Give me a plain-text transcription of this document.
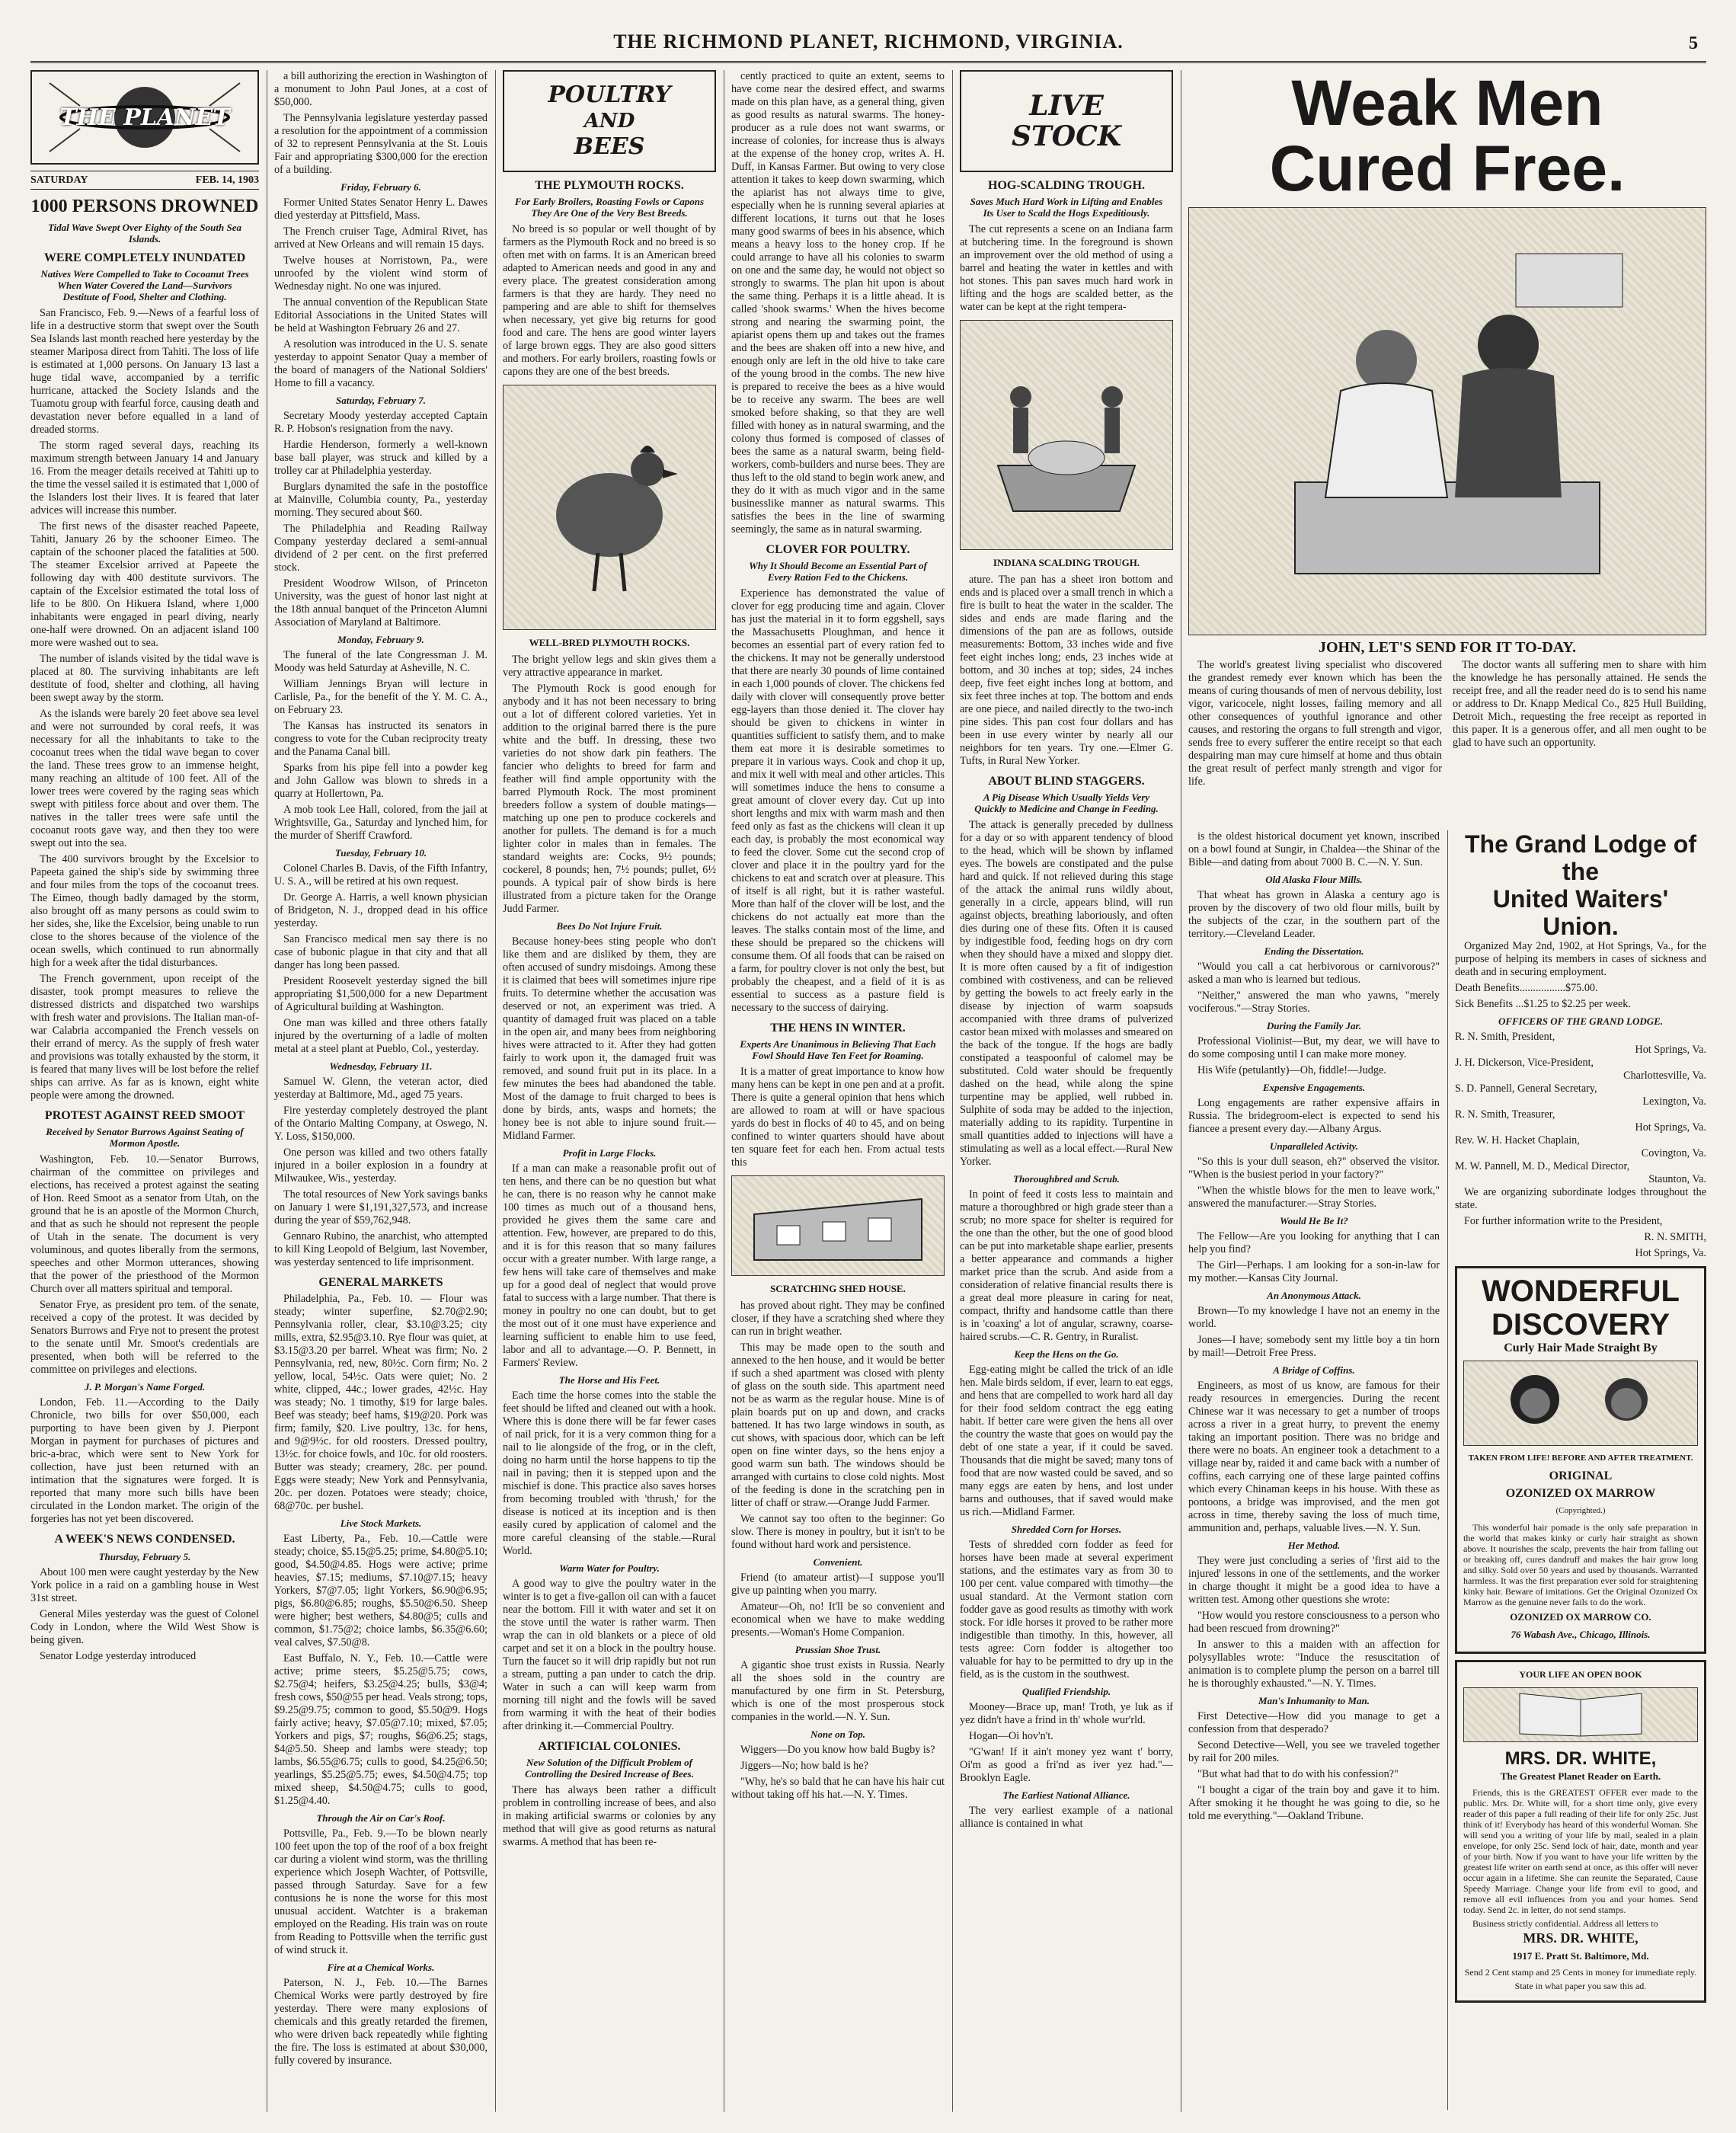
THE RICHMOND PLANET, RICHMOND, VIRGINIA.	5
THE PLANET
SATURDAY	FEB. 14, 1903
1000 PERSONS DROWNED
Tidal Wave Swept Over Eighty of the South Sea Islands.
WERE COMPLETELY INUNDATED
Natives Were Compelled to Take to Cocoanut Trees When Water Covered the Land—Survivors Destitute of Food, Shelter and Clothing.

San Francisco, Feb. 9.—News of a fearful loss of life in a destructive storm that swept over the South Sea Islands last month reached here yesterday by the steamer Mariposa direct from Tahiti. The loss of life is estimated at 1,000 persons. On January 13 last a huge tidal wave, accompanied by a terrific hurricane, attacked the Society Islands and the Tuamotu group with fearful force, causing death and devastation never before equalled in a land of dreaded storms.

The storm raged several days, reaching its maximum strength between January 14 and January 16. From the meager details received at Tahiti up to the time the vessel sailed it is estimated that 1,000 of the Islanders lost their lives. It is feared that later advices will increase this number.

The first news of the disaster reached Papeete, Tahiti, January 26 by the schooner Eimeo. The captain of the schooner placed the fatalities at 500. The steamer Excelsior arrived at Papeete the following day with 400 destitute survivors. The captain of the Excelsior estimated the total loss of life to be 800. On Hikuera Island, where 1,000 inhabitants were engaged in pearl diving, nearly one-half were drowned. On an adjacent island 100 more were washed out to sea.

The number of islands visited by the tidal wave is placed at 80. The surviving inhabitants are left destitute of food, shelter and clothing, all having been swept away by the storm.

As the islands were barely 20 feet above sea level and were not surrounded by coral reefs, it was necessary for all the inhabitants to take to the cocoanut trees when the tidal wave began to cover the land. These trees grow to an immense height, many reaching an altitude of 100 feet. All of the lower trees were covered by the raging seas which swept with pitiless force about and over them. The natives in the taller trees were safe until the cocoanut roots gave way, and then they too were swept out into the sea.

The 400 survivors brought by the Excelsior to Papeeta gained the ship's side by swimming three and four miles from the tops of the cocoanut trees. The Eimeo, though badly damaged by the storm, also brought off as many persons as could swim to her sides, she, like the Excelsior, being unable to run close to the shores because of the violence of the ocean swells, which continued to run abnormally high for a week after the tidal disturbances.

The French government, upon receipt of the disaster, took prompt measures to relieve the distressed districts and dispatched two warships with fresh water and provisions. The Italian man-of-war Calabria accompanied the French vessels on their errand of mercy. As the supply of fresh water and provisions was totally exhausted by the storm, it is feared that many lives will be lost before the relief ships can arrive. As far as is known, eight white people were among the drowned.

PROTEST AGAINST REED SMOOT
Received by Senator Burrows Against Seating of Mormon Apostle.

Washington, Feb. 10.—Senator Burrows, chairman of the committee on privileges and elections, has received a protest against the seating of Hon. Reed Smoot as a senator from Utah, on the ground that he is an apostle of the Mormon Church, and that as such he should not represent the people of Utah in the senate. The document is very voluminous, and quotes liberally from the sermons, speeches and other Mormon utterances, showing that the power of the priesthood of the Mormon Church over all matters spiritual and temporal.

Senator Frye, as president pro tem. of the senate, received a copy of the protest. It was decided by Senators Burrows and Frye not to present the protest to the senate until Mr. Smoot's credentials are presented, when both will be referred to the committee on privileges and elections.

J. P. Morgan's Name Forged.

London, Feb. 11.—According to the Daily Chronicle, two bills for over $50,000, each purporting to have been given by J. Pierpont Morgan in payment for purchases of pictures and bric-a-brac, which were sent to New York for collection, have just been returned with an intimation that the signatures were forged. It is reported that many more such bills have been circulated in the London market. The origin of the forgeries has not yet been discovered.

A WEEK'S NEWS CONDENSED.
Thursday, February 5.

About 100 men were caught yesterday by the New York police in a raid on a gambling house in West 31st street.

General Miles yesterday was the guest of Colonel Cody in London, where the Wild West Show is being given.

Senator Lodge yesterday introduced

a bill authorizing the erection in Washington of a monument to John Paul Jones, at a cost of $50,000.

The Pennsylvania legislature yesterday passed a resolution for the appointment of a commission of 32 to represent Pennsylvania at the St. Louis Fair and appropriating $300,000 for the erection of a building.

Friday, February 6.

Former United States Senator Henry L. Dawes died yesterday at Pittsfield, Mass.

The French cruiser Tage, Admiral Rivet, has arrived at New Orleans and will remain 15 days.

Twelve houses at Norristown, Pa., were unroofed by the violent wind storm of Wednesday night. No one was injured.

The annual convention of the Republican State Editorial Associations in the United States will be held at Washington February 26 and 27.

A resolution was introduced in the U. S. senate yesterday to appoint Senator Quay a member of the board of managers of the National Soldiers' Home to fill a vacancy.

Saturday, February 7.

Secretary Moody yesterday accepted Captain R. P. Hobson's resignation from the navy.

Hardie Henderson, formerly a well-known base ball player, was struck and killed by a trolley car at Philadelphia yesterday.

Burglars dynamited the safe in the postoffice at Mainville, Columbia county, Pa., yesterday morning. They secured about $60.

The Philadelphia and Reading Railway Company yesterday declared a semi-annual dividend of 2 per cent. on the first preferred stock.

President Woodrow Wilson, of Princeton University, was the guest of honor last night at the 18th annual banquet of the Princeton Alumni Association of Maryland at Baltimore.

Monday, February 9.

The funeral of the late Congressman J. M. Moody was held Saturday at Asheville, N. C.

William Jennings Bryan will lecture in Carlisle, Pa., for the benefit of the Y. M. C. A., on February 23.

The Kansas has instructed its senators in congress to vote for the Cuban reciprocity treaty and the Panama Canal bill.

Sparks from his pipe fell into a powder keg and John Gallow was blown to shreds in a quarry at Hollertown, Pa.

A mob took Lee Hall, colored, from the jail at Wrightsville, Ga., Saturday and lynched him, for the murder of Sheriff Crawford.

Tuesday, February 10.

Colonel Charles B. Davis, of the Fifth Infantry, U. S. A., will be retired at his own request.

Dr. George A. Harris, a well known physician of Bridgeton, N. J., dropped dead in his office yesterday.

San Francisco medical men say there is no case of bubonic plague in that city and that all danger has long been passed.

President Roosevelt yesterday signed the bill appropriating $1,500,000 for a new Department of Agricultural building at Washington.

One man was killed and three others fatally injured by the overturning of a ladle of molten metal at a steel plant at Pueblo, Col., yesterday.

Wednesday, February 11.

Samuel W. Glenn, the veteran actor, died yesterday at Baltimore, Md., aged 75 years.

Fire yesterday completely destroyed the plant of the Ontario Malting Company, at Oswego, N. Y. Loss, $150,000.

One person was killed and two others fatally injured in a boiler explosion in a foundry at Milwaukee, Wis., yesterday.

The total resources of New York savings banks on January 1 were $1,191,327,573, and increase during the year of $59,762,948.

Gennaro Rubino, the anarchist, who attempted to kill King Leopold of Belgium, last November, was yesterday sentenced to life imprisonment.

GENERAL MARKETS

Philadelphia, Pa., Feb. 10. — Flour was steady; winter superfine, $2.70@2.90; Pennsylvania roller, clear, $3.10@3.25; city mills, extra, $2.95@3.10. Rye flour was quiet, at $3.15@3.20 per barrel. Wheat was firm; No. 2 Pennsylvania, red, new, 80½c. Corn firm; No. 2 yellow, local, 54½c. Oats were quiet; No. 2 white, clipped, 44c.; lower grades, 42½c. Hay was steady; No. 1 timothy, $19 for large bales. Beef was steady; beef hams, $19@20. Pork was firm; family, $20. Live poultry, 13c. for hens, and 9@9½c. for old roosters. Dressed poultry, 13½c. for choice fowls, and 10c. for old roosters. Butter was steady; creamery, 28c. per pound. Eggs were steady; New York and Pennsylvania, 20c. per dozen. Potatoes were steady; choice, 68@70c. per bushel.

Live Stock Markets.

East Liberty, Pa., Feb. 10.—Cattle were steady; choice, $5.15@5.25; prime, $4.80@5.10; good, $4.50@4.85. Hogs were active; prime heavies, $7.15; mediums, $7.10@7.15; heavy Yorkers, $7@7.05; light Yorkers, $6.90@6.95; pigs, $6.80@6.85; roughs, $5.50@6.50. Sheep were higher; best wethers, $4.80@5; culls and common, $1.75@2; choice lambs, $6.35@6.60; veal calves, $7.50@8.

East Buffalo, N. Y., Feb. 10.—Cattle were active; prime steers, $5.25@5.75; cows, $2.75@4; heifers, $3.25@4.25; bulls, $3@4; fresh cows, $50@55 per head. Veals strong; tops, $9.25@9.75; common to good, $5.50@9. Hogs fairly active; heavy, $7.05@7.10; mixed, $7.05; Yorkers and pigs, $7; roughs, $6@6.25; stags, $4@5.50. Sheep and lambs were steady; top lambs, $6.55@6.75; culls to good, $4.25@6.50; yearlings, $5.25@5.75; ewes, $4.50@4.75; top mixed sheep, $4.50@4.75; culls to good, $1.25@4.40.

Through the Air on Car's Roof.

Pottsville, Pa., Feb. 9.—To be blown nearly 100 feet upon the top of the roof of a box freight car during a violent wind storm, was the thrilling experience which Joseph Wachter, of Pottsville, passed through Saturday. Save for a few contusions he is none the worse for this most unusual accident. Watchter is a brakeman employed on the Reading. His train was on route from Reading to Pottsville when the terrific gust of wind struck it.

Fire at a Chemical Works.

Paterson, N. J., Feb. 10.—The Barnes Chemical Works were partly destroyed by fire yesterday. There were many explosions of chemicals and this greatly retarded the firemen, who were driven back repeatedly while fighting the fire. The loss is estimated at about $30,000, fully covered by insurance.

POULTRY
AND
BEES
THE PLYMOUTH ROCKS.
For Early Broilers, Roasting Fowls or Capons They Are One of the Very Best Breeds.

No breed is so popular or well thought of by farmers as the Plymouth Rock and no breed is so often met with on farms. It is an American breed adapted to American needs and good in any and every place. The greatest consideration among farmers is that they are hardy. They need no pampering and are able to shift for themselves when necessary, yet give big returns for good food and care. The hens are good winter layers of large brown eggs. They are also good sitters and mothers. For early broilers, roasting fowls or capons they are one of the best breeds.

WELL-BRED PLYMOUTH ROCKS.

The bright yellow legs and skin gives them a very attractive appearance in market.

The Plymouth Rock is good enough for anybody and it has not been necessary to bring out a lot of different colored varieties. Yet in addition to the original barred there is the pure white and the buff. In dressing, these two varieties do not show dark pin feathers. The fancier who delights to breed for farm and feather will find ample opportunity with the barred Plymouth Rock. The most prominent breeders follow a system of double matings—matching up one pen to produce cockerels and another for pullets. The demand is for a much lighter color in males than in females. The standard weights are: Cocks, 9½ pounds; cockerel, 8 pounds; hen, 7½ pounds; pullet, 6½ pounds. A typical pair of show birds is here illustrated from a picture taken for the Orange Judd Farmer.

Bees Do Not Injure Fruit.

Because honey-bees sting people who don't like them and are disliked by them, they are often accused of sundry misdoings. Among these it is claimed that bees will sometimes injure ripe fruits. To determine whether the accusation was deserved or not, an experiment was tried. A quantity of damaged fruit was placed on a table in the open air, and many bees from neighboring hives were attracted to it. After they had gotten fairly to work upon it, the damaged fruit was removed, and sound fruit put in its place. In a few minutes the bees had abandoned the table. Most of the damage to fruit charged to bees is done by birds, ants, wasps and hornets; the honey bee is not able to injure sound fruit.—Midland Farmer.

Profit in Large Flocks.

If a man can make a reasonable profit out of ten hens, and there can be no question but what he can, there is no reason why he cannot make 100 times as much out of a thousand hens, provided he gives them the same care and attention. Few, however, are prepared to do this, and it is for this reason that so many failures occur with a greater number. With large range, a few hens will take care of themselves and make up for a good deal of neglect that would prove fatal to success with a large number. That there is money in poultry no one can doubt, but to get the most out of it one must have experience and learning sufficient to enable him to use feed, labor and all to advantage.—O. P. Bennett, in Farmers' Review.

The Horse and His Feet.

Each time the horse comes into the stable the feet should be lifted and cleaned out with a hook. Where this is done there will be far fewer cases of nail prick, for it is a very common thing for a nail to lie alongside of the frog, or in the cleft, doing no harm until the horse happens to tip the nail in paving; then it is stepped upon and the mischief is done. This practice also saves horses from becoming troubled with 'thrush,' for the disease is noticed at its inception and is then easily cured by application of calomel and the more careful cleansing of the stable.—Rural World.

Warm Water for Poultry.

A good way to give the poultry water in the winter is to get a five-gallon oil can with a faucet near the bottom. Fill it with water and set it on the stove until the water is rather warm. Then wrap the can in old blankets or a piece of old carpet and set it on a block in the poultry house. Turn the faucet so it will drip rapidly but not run a stream, putting a pan under to catch the drip. Water in such a can will keep warm from morning till night and the fowls will be saved from warming it with the heat of their bodies after drinking it.—Commercial Poultry.

ARTIFICIAL COLONIES.
New Solution of the Difficult Problem of Controlling the Desired Increase of Bees.

There has always been rather a difficult problem in controlling increase of bees, and also in making artificial swarms or colonies by any method that will give as good returns as natural swarms. A method that has been re-

cently practiced to quite an extent, seems to have come near the desired effect, and swarms made on this plan have, as a general thing, given as good results as natural swarms. The honey-producer as a rule does not want swarms, or increase of colonies, for increase thus is always at the expense of the honey crop, writes A. H. Duff, in Kansas Farmer. But owing to very close attention it takes to keep down swarming, which the apiarist has not always time to give, especially when he is running several apiaries at different locations, it turns out that he loses many good swarms of bees in his absence, which means a heavy loss to the honey crop. If he could arrange to have all his colonies to swarm on one and the same day, he would not object so strongly to swarms. The plan hit upon is about the same thing. Perhaps it is a little ahead. It is called 'shook swarms.' When the hives become strong and nearing the swarming point, the apiarist opens them up and takes out the frames and the bees are shaken off into a new hive, and enough only are left in the old hive to take care of the young brood in the combs. The new hive is prepared to receive the bees as a hive would be to receive any swarm. The bees are well smoked before shaking, so that they are well filled with honey as in natural swarming, and the colony thus formed is composed of classes of bees the same as a natural swarm, being field-workers, comb-builders and nurse bees. They are thus left to the old stand to begin work anew, and they do it with as much vigor and in the same businesslike manner as natural swarms. This satisfies the bees in the line of swarming seemingly, the same as in natural swarming.

CLOVER FOR POULTRY.
Why It Should Become an Essential Part of Every Ration Fed to the Chickens.

Experience has demonstrated the value of clover for egg producing time and again. Clover has just the material in it to form eggshell, says the Massachusetts Ploughman, and hence it becomes an essential part of every ration fed to the chickens. It may not be generally understood that there are nearly 30 pounds of lime contained in each 1,000 pounds of clover. The chickens fed daily with clover will consequently prove better egg-layers than those denied it. The clover hay should be given to chickens in winter in quantities sufficient to satisfy them, and to make them eat more it is desirable sometimes to prepare it in various ways. Cook and chop it up, and mix it well with meal and other articles. This will sometimes induce the hens to consume a great amount of clover every day. Cut up into short lengths and mix with warm mash and then feed only as fast as the chickens will clean it up each day, is probably the most economical way to feed the clover. Some cut the second crop of clover and place it in the poultry yard for the chickens to eat and scratch over at pleasure. This of itself is all right, but it is rather wasteful. More than half of the clover will be lost, and the chickens do not actually eat more than the leaves. The stalks contain most of the lime, and these should be prepared so the chickens will consume them. Of all foods that can be raised on a farm, for poultry clover is not only the best, but probably the cheapest, and a field of it is as essential to success as a pasture field is necessary to the success of dairying.

THE HENS IN WINTER.
Experts Are Unanimous in Believing That Each Fowl Should Have Ten Feet for Roaming.

It is a matter of great importance to know how many hens can be kept in one pen and at a profit. There is quite a general opinion that hens which are allowed to roam at will or have spacious yards do best in flocks of 40 to 45, and on being confined to winter quarters should have about ten square feet for each hen. From actual tests this

SCRATCHING SHED HOUSE.

has proved about right. They may be confined closer, if they have a scratching shed where they can run in bright weather.

This may be made open to the south and annexed to the hen house, and it would be better if such a shed apartment was closed with plenty of glass on the south side. This apartment need not be as warm as the regular house. Mine is of plain boards put on up and down, and cracks battened. It has two large windows in south, as cut shows, with spacious door, which can be left open on fine winter days, so the hens enjoy a good warm sun bath. The windows should be arranged with curtains to close cold nights. Most of the feeding is done in the scratching pen in litter of chaff or straw.—Orange Judd Farmer.

We cannot say too often to the beginner: Go slow. There is money in poultry, but it isn't to be found without hard work and persistence.

Convenient.

Friend (to amateur artist)—I suppose you'll give up painting when you marry.

Amateur—Oh, no! It'll be so convenient and economical when we have to make wedding presents.—Woman's Home Companion.

Prussian Shoe Trust.

A gigantic shoe trust exists in Russia. Nearly all the shoes sold in the country are manufactured by one firm in St. Petersburg, which is one of the most prosperous stock companies in the world.—N. Y. Sun.

None on Top.

Wiggers—Do you know how bald Bugby is?

Jiggers—No; how bald is he?

"Why, he's so bald that he can have his hair cut without taking off his hat.—N. Y. Times.

LIVE
STOCK
HOG-SCALDING TROUGH.
Saves Much Hard Work in Lifting and Enables Its User to Scald the Hogs Expeditiously.

The cut represents a scene on an Indiana farm at butchering time. In the foreground is shown an improvement over the old method of using a barrel and heating the water in kettles and with hot stones. This pan saves much hard work in lifting and the hogs are scalded better, as the water can be kept at the right tempera-

INDIANA SCALDING TROUGH.

ature. The pan has a sheet iron bottom and ends and is placed over a small trench in which a fire is built to heat the water in the scalder. The sides and ends are made flaring and the dimensions of the pan are as follows, outside measurements: Bottom, 33 inches wide and five feet eight inches long; ends, 23 inches wide at bottom, and 30 inches at top; sides, 24 inches deep, five feet eight inches long at bottom, and six feet three inches at top. The bottom and ends are one piece, and nailed directly to the two-inch pine sides. This pan cost four dollars and has been in use every winter by nearly all our neighbors for ten years. Try one.—Elmer G. Tufts, in Rural New Yorker.

ABOUT BLIND STAGGERS.
A Pig Disease Which Usually Yields Very Quickly to Medicine and Change in Feeding.

The attack is generally preceded by dullness for a day or so with apparent tendency of blood to the head, which will be shown by inflamed eyes. The bowels are constipated and the pulse hard and quick. If not relieved during this stage of the attack the animal runs wildly about, generally in a circle, appears blind, will run against objects, breathing laboriously, and often dies during one of these fits. Often it is caused by indigestible food, feeding hogs on dry corn when they should have a mixed and sloppy diet. It is more often caused by a fit of indigestion combined with costiveness, and can be relieved by getting the bowels to act freely early in the disease by injection of warm soapsuds accompanied with three drams of pulverized castor bean mixed with molasses and smeared on the back of the tongue. If the hogs are badly constipated a teaspoonful of calomel may be substituted. Cold water should be frequently dashed on the head, while along the spine turpentine may be applied, well rubbed in. Sulphite of soda may be added to the injection, materially adding to its rapidity. Turpentine in small quantities added to injections will have a stimulating as well as a local effect.—Rural New Yorker.

Thoroughbred and Scrub.

In point of feed it costs less to maintain and mature a thoroughbred or high grade steer than a scrub; no more space for shelter is required for the one than the other, but the one of good blood can be put into marketable shape earlier, presents a better appearance and commands a higher market price than the scrub. And aside from a consideration of relative financial results there is a great deal more pleasure in caring for neat, compact, thrifty and handsome cattle than there is in 'coaxing' a lot of angular, scrawny, coarse-haired scrubs.—C. R. Gentry, in Ruralist.

Keep the Hens on the Go.

Egg-eating might be called the trick of an idle hen. Male birds seldom, if ever, learn to eat eggs, and hens that are compelled to work hard all day for their food seldom contract the egg eating habit. If better care were given the hens all over the country the waste that goes on would pay the debt of one state a year, if it could be saved. Thousands that die might be saved; many tons of food that are now wasted could be saved, and so many eggs are eaten by hens, and lost under barns and outhouses, that if saved would make us rich.—Midland Farmer.

Shredded Corn for Horses.

Tests of shredded corn fodder as feed for horses have been made at several experiment stations, and the estimates vary as from 30 to 100 per cent. value compared with timothy—the usual standard. At the Vermont station corn fodder gave as good results as timothy with work stock. For idle horses it proved to be rather more indigestible than timothy. In this, however, all tests agree: Corn fodder is altogether too valuable for hay to be permitted to dry up in the field, as is the custom in the southwest.

Qualified Friendship.

Mooney—Brace up, man! Troth, ye luk as if yez didn't have a frind in th' whole wur'rld.

Hogan—Oi hov'n't.

"G'wan! If it ain't money yez want t' borry, Oi'm as good a fri'nd as iver yez had."—Brooklyn Eagle.

The Earliest National Alliance.

The very earliest example of a national alliance is contained in what

Weak Men
Cured Free.
JOHN, LET'S SEND FOR IT TO-DAY.

The world's greatest living specialist who discovered the grandest remedy ever known which has been the means of curing thousands of men of nervous debility, lost vigor, varicocele, night losses, failing memory and all other consequences of youthful ignorance and other causes, and restoring the organs to full strength and vigor, sends free to every sufferer the entire receipt so that each despairing man may cure himself at home and thus obtain the great result of perfect manly strength and vigor for life.

The doctor wants all suffering men to share with him the knowledge he has personally attained. He sends the receipt free, and all the reader need do is to send his name or address to Dr. Knapp Medical Co., 825 Hull Building, Detroit Mich., requesting the free receipt as reported in this paper. It is a generous offer, and all men ought to be glad to have such an opportunity.

is the oldest historical document yet known, inscribed on a bowl found at Sungir, in Chaldea—the Shinar of the Bible—and dating from about 7000 B. C.—N. Y. Sun.

Old Alaska Flour Mills.

That wheat has grown in Alaska a century ago is proven by the discovery of two old flour mills, built by the subjects of the czar, in the southern part of the territory.—Cleveland Leader.

Ending the Dissertation.

"Would you call a cat herbivorous or carnivorous?" asked a man who is learned but tedious.

"Neither," answered the man who yawns, "merely vociferous."—Stray Stories.

During the Family Jar.

Professional Violinist—But, my dear, we will have to do some composing until I can make more money.

His Wife (petulantly)—Oh, fiddle!—Judge.

Expensive Engagements.

Long engagements are rather expensive affairs in Russia. The bridegroom-elect is expected to send his fiancee a present every day.—Albany Argus.

Unparalleled Activity.

"So this is your dull season, eh?" observed the visitor. "When is the busiest period in your factory?"

"When the whistle blows for the men to leave work," answered the manufacturer.—Stray Stories.

Would He Be It?

The Fellow—Are you looking for anything that I can help you find?

The Girl—Perhaps. I am looking for a son-in-law for my mother.—Kansas City Journal.

An Anonymous Attack.

Brown—To my knowledge I have not an enemy in the world.

Jones—I have; somebody sent my little boy a tin horn by mail!—Detroit Free Press.

A Bridge of Coffins.

Engineers, as most of us know, are famous for their ready resources in emergencies. During the recent Chinese war it was necessary to get a number of troops across a river in a great hurry, to prevent the enemy taking an important position. There was no bridge and there were no boats. An engineer took a detachment to a village near by, raided it and came back with a number of coffins, each carrying one of these large painted coffins which every Chinaman keeps in his house. With these as pontoons, a bridge was improvised, and the men got across in time, thereby saving the loss of much time, ammunition and, perhaps, valuable lives.—N. Y. Sun.

Her Method.

They were just concluding a series of 'first aid to the injured' lessons in one of the settlements, and the worker in charge thought it might be a good idea to have a written test. Among other questions she wrote:

"How would you restore consciousness to a person who had been rescued from drowning?"

In answer to this a maiden with an affection for polysyllables wrote: "Induce the resuscitation of animation is to complete plump the person on a barrel till he is thoroughly exhausted."—N. Y. Times.

Man's Inhumanity to Man.

First Detective—How did you manage to get a confession from that desperado?

Second Detective—Well, you see we traveled together by rail for 200 miles.

"But what had that to do with his confession?"

"I bought a cigar of the train boy and gave it to him. After smoking it he thought he was going to die, so he told me everything."—Oakland Tribune.

The Grand Lodge of the
United Waiters' Union.

Organized May 2nd, 1902, at Hot Springs, Va., for the purpose of helping its members in cases of sickness and death and in securing employment.

Death Benefits.................$75.00.

Sick Benefits ...$1.25 to $2.25 per week.

OFFICERS OF THE GRAND LODGE.

R. N. Smith, President,

Hot Springs, Va.

J. H. Dickerson, Vice-President,

Charlottesville, Va.

S. D. Pannell, General Secretary,

Lexington, Va.

R. N. Smith, Treasurer,

Hot Springs, Va.

Rev. W. H. Hacket Chaplain,

Covington, Va.

M. W. Pannell, M. D., Medical Director,

Staunton, Va.

We are organizing subordinate lodges throughout the state.

For further information write to the President,

R. N. SMITH,

Hot Springs, Va.

WONDERFUL
DISCOVERY
Curly Hair Made Straight By
TAKEN FROM LIFE! BEFORE AND AFTER TREATMENT.
ORIGINAL
OZONIZED OX MARROW
(Copyrighted.)

This wonderful hair pomade is the only safe preparation in the world that makes kinky or curly hair straight as shown above. It nourishes the scalp, prevents the hair from falling out or breaking off, cures dandruff and makes the hair grow long and silky. Sold over 50 years and used by thousands. Warranted harmless. It was the first preparation ever sold for straightening kinky hair. Beware of imitations. Get the Original Ozonized Ox Marrow as the genuine never fails to do the work.

OZONIZED OX MARROW CO.
76 Wabash Ave., Chicago, Illinois.
YOUR LIFE AN OPEN BOOK
MRS. DR. WHITE,
The Greatest Planet Reader on Earth.

Friends, this is the GREATEST OFFER ever made to the public. Mrs. Dr. White will, for a short time only, give every reader of this paper a full reading of their life for only 25c. Just think of it! Everybody has heard of this wonderful Woman. She will send you a writing of your life by mail, sealed in a plain envelope, for only 25c. Send lock of hair, date, month and year of your birth. Now if you want to have your life written by the greatest life writer on earth send at once, as this offer will never occur again in a lifetime. She can reunite the Separated, Cause Speedy Marriage. Change your life from evil to good, and remove all evil influences from you and your homes. Send today. Send 2c. in letter, do not send stamps.

Business strictly confidential. Address all letters to

MRS. DR. WHITE,
1917 E. Pratt St. Baltimore, Md.

Send 2 Cent stamp and 25 Cents in money for immediate reply.

State in what paper you saw this ad.
